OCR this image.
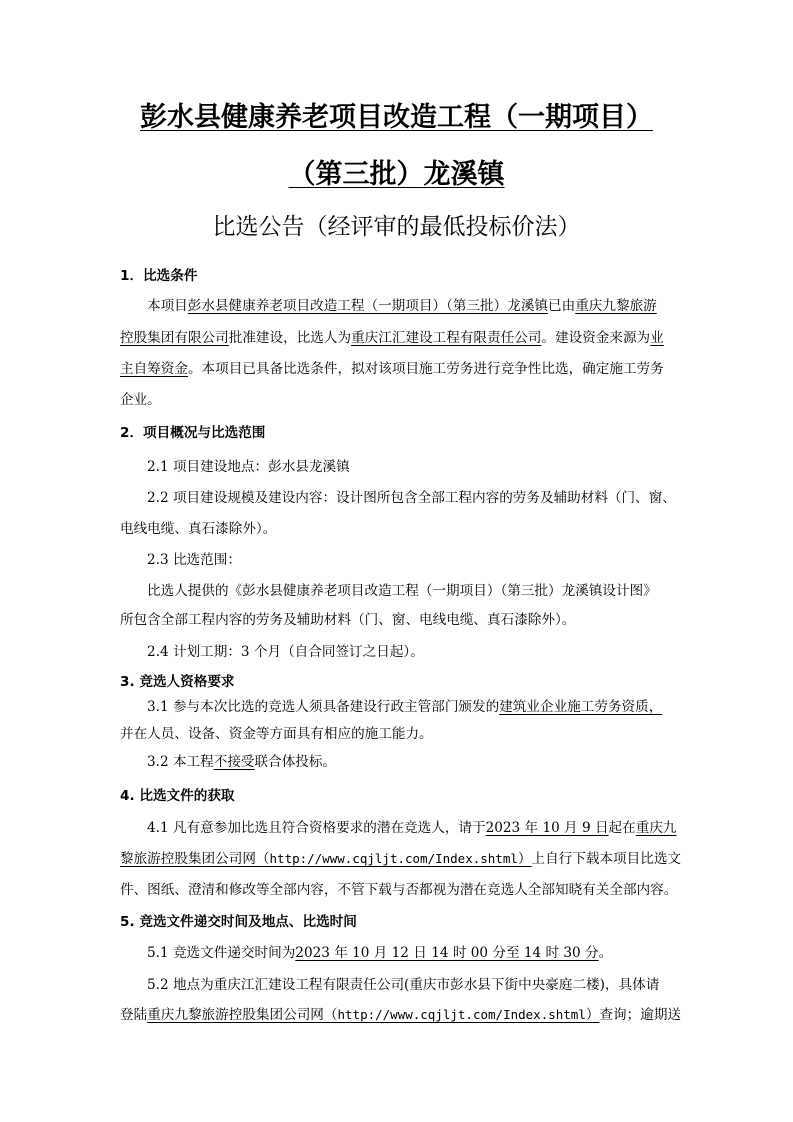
彭水县健康养老项目改造工程（一期项目）
（第三批）龙溪镇
比选公告（经评审的最低投标价法）
1．比选条件
本项目彭水县健康养老项目改造工程（一期项目）（第三批）龙溪镇已由重庆九黎旅游
控股集团有限公司批准建设，比选人为重庆江汇建设工程有限责任公司。建设资金来源为业
主自筹资金。本项目已具备比选条件，拟对该项目施工劳务进行竞争性比选，确定施工劳务
企业。
2．项目概况与比选范围
2.1 项目建设地点：彭水县龙溪镇
2.2 项目建设规模及建设内容：设计图所包含全部工程内容的劳务及辅助材料（门、窗、
电线电缆、真石漆除外）。
2.3 比选范围：
比选人提供的《彭水县健康养老项目改造工程（一期项目）（第三批）龙溪镇设计图》
所包含全部工程内容的劳务及辅助材料（门、窗、电线电缆、真石漆除外）。
2.4 计划工期：3 个月（自合同签订之日起）。
3. 竞选人资格要求
3.1 参与本次比选的竞选人须具备建设行政主管部门颁发的建筑业企业施工劳务资质，
并在人员、设备、资金等方面具有相应的施工能力。
3.2 本工程不接受联合体投标。
4. 比选文件的获取
4.1 凡有意参加比选且符合资格要求的潜在竞选人，请于2023 年 10 月 9 日起在重庆九
黎旅游控股集团公司网（http://www.cqjljt.com/Index.shtml）上自行下载本项目比选文
件、图纸、澄清和修改等全部内容，不管下载与否都视为潜在竞选人全部知晓有关全部内容。
5. 竞选文件递交时间及地点、比选时间
5.1 竞选文件递交时间为2023 年 10 月 12 日 14 时 00 分至 14 时 30 分。
5.2 地点为重庆江汇建设工程有限责任公司(重庆市彭水县下街中央豪庭二楼)，具体请
登陆重庆九黎旅游控股集团公司网（http://www.cqjljt.com/Index.shtml）查询；逾期送
